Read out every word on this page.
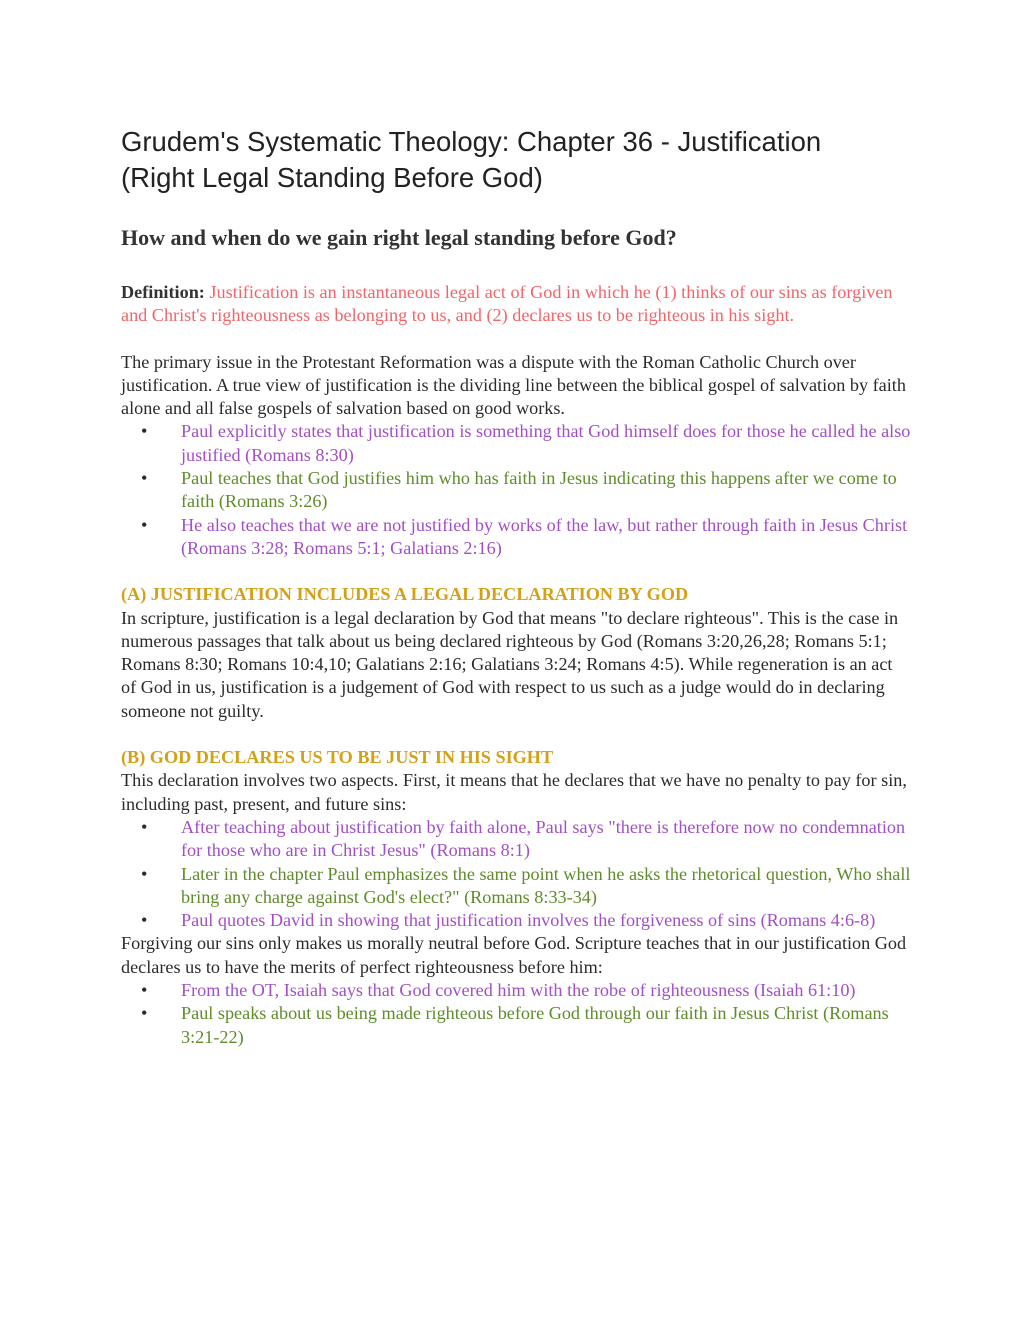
Grudem's Systematic Theology: Chapter 36 - Justification
(Right Legal Standing Before God)
How and when do we gain right legal standing before God?

Definition: Justification is an instantaneous legal act of God in which he (1) thinks of our sins as forgiven and Christ's righteousness as belonging to us, and (2) declares us to be righteous in his sight.

The primary issue in the Protestant Reformation was a dispute with the Roman Catholic Church over justification. A true view of justification is the dividing line between the biblical gospel of salvation by faith alone and all false gospels of salvation based on good works.

• Paul explicitly states that justification is something that God himself does for those he called he also justified (Romans 8:30)
• Paul teaches that God justifies him who has faith in Jesus indicating this happens after we come to faith (Romans 3:26)
• He also teaches that we are not justified by works of the law, but rather through faith in Jesus Christ (Romans 3:28; Romans 5:1; Galatians 2:16)
(A) JUSTIFICATION INCLUDES A LEGAL DECLARATION BY GOD

In scripture, justification is a legal declaration by God that means "to declare righteous". This is the case in numerous passages that talk about us being declared righteous by God (Romans 3:20,26,28; Romans 5:1; Romans 8:30; Romans 10:4,10; Galatians 2:16; Galatians 3:24; Romans 4:5). While regeneration is an act of God in us, justification is a judgement of God with respect to us such as a judge would do in declaring someone not guilty.

(B) GOD DECLARES US TO BE JUST IN HIS SIGHT

This declaration involves two aspects. First, it means that he declares that we have no penalty to pay for sin, including past, present, and future sins:

• After teaching about justification by faith alone, Paul says "there is therefore now no condemnation for those who are in Christ Jesus" (Romans 8:1)
• Later in the chapter Paul emphasizes the same point when he asks the rhetorical question, Who shall bring any charge against God's elect?" (Romans 8:33-34)
• Paul quotes David in showing that justification involves the forgiveness of sins (Romans 4:6-8)

Forgiving our sins only makes us morally neutral before God. Scripture teaches that in our justification God declares us to have the merits of perfect righteousness before him:

• From the OT, Isaiah says that God covered him with the robe of righteousness (Isaiah 61:10)
• Paul speaks about us being made righteous before God through our faith in Jesus Christ (Romans 3:21-22)
